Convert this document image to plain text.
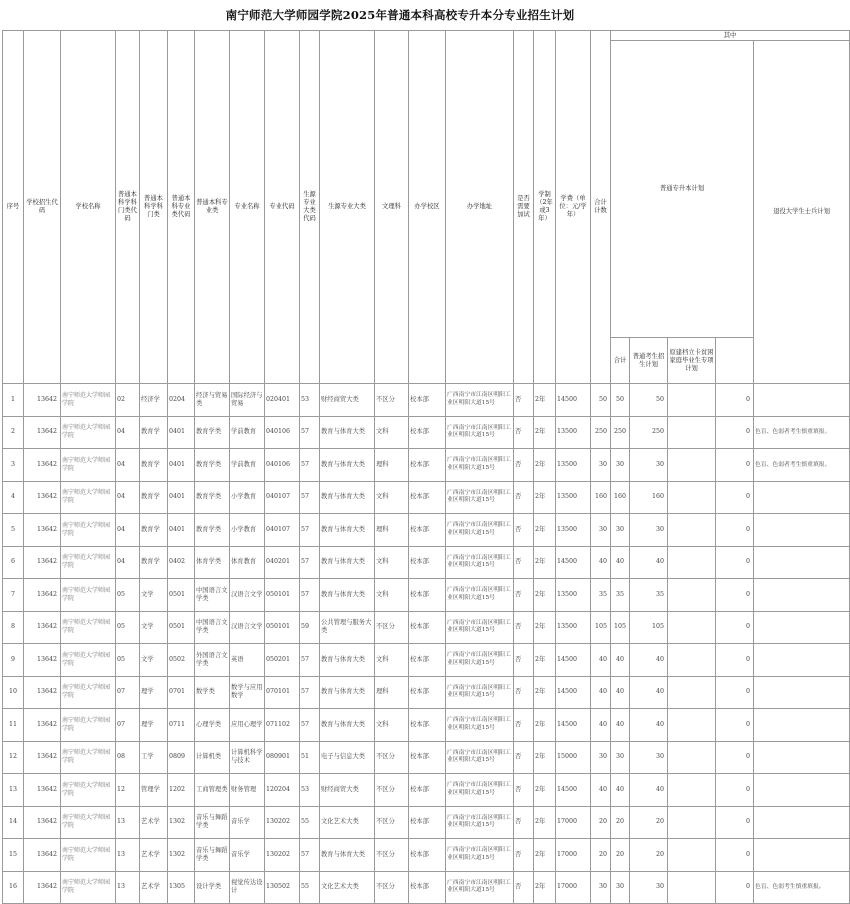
南宁师范大学师园学院2025年普通本科高校专升本分专业招生计划
序号	学校招生代码	学校名称	普通本科学科门类代码	普通本科学科门类	普通本科专业类代码	普通本科专业类	专业名称	专业代码	生源专业大类代码	生源专业大类	文理科	办学校区	办学地址	是否需要加试	学制（2年或3年）	学费（单位：元/学年）	合计计数	其中	
																		普通专升本计划				退役大学生士兵计划	
																		合计	普通考生招生计划	原建档立卡贫困家庭毕业生专项计划			
1	13642	南宁师范大学师园学院	02	经济学	0204	经济与贸易类	国际经济与贸易	020401	53	财经商贸大类	不区分	校本部	广西南宁市江南区明阳工业区明阳大道15号	否	2年	14500	50	50	50		0		
2	13642	南宁师范大学师园学院	04	教育学	0401	教育学类	学前教育	040106	57	教育与体育大类	文科	校本部	广西南宁市江南区明阳工业区明阳大道15号	否	2年	13500	250	250	250		0	色盲、色弱者考生慎重填报。	
3	13642	南宁师范大学师园学院	04	教育学	0401	教育学类	学前教育	040106	57	教育与体育大类	理科	校本部	广西南宁市江南区明阳工业区明阳大道15号	否	2年	13500	30	30	30		0	色盲、色弱者考生慎重填报。	
4	13642	南宁师范大学师园学院	04	教育学	0401	教育学类	小学教育	040107	57	教育与体育大类	文科	校本部	广西南宁市江南区明阳工业区明阳大道15号	否	2年	13500	160	160	160		0		
5	13642	南宁师范大学师园学院	04	教育学	0401	教育学类	小学教育	040107	57	教育与体育大类	理科	校本部	广西南宁市江南区明阳工业区明阳大道15号	否	2年	13500	30	30	30		0		
6	13642	南宁师范大学师园学院	04	教育学	0402	体育学类	体育教育	040201	57	教育与体育大类	文科	校本部	广西南宁市江南区明阳工业区明阳大道15号	否	2年	14500	40	40	40		0		
7	13642	南宁师范大学师园学院	05	文学	0501	中国语言文学类	汉语言文学	050101	57	教育与体育大类	文科	校本部	广西南宁市江南区明阳工业区明阳大道15号	否	2年	13500	35	35	35		0		
8	13642	南宁师范大学师园学院	05	文学	0501	中国语言文学类	汉语言文学	050101	59	公共管理与服务大类	不区分	校本部	广西南宁市江南区明阳工业区明阳大道15号	否	2年	13500	105	105	105		0		
9	13642	南宁师范大学师园学院	05	文学	0502	外国语言文学类	英语	050201	57	教育与体育大类	文科	校本部	广西南宁市江南区明阳工业区明阳大道15号	否	2年	14500	40	40	40		0		
10	13642	南宁师范大学师园学院	07	理学	0701	数学类	数学与应用数学	070101	57	教育与体育大类	理科	校本部	广西南宁市江南区明阳工业区明阳大道15号	否	2年	14500	40	40	40		0		
11	13642	南宁师范大学师园学院	07	理学	0711	心理学类	应用心理学	071102	57	教育与体育大类	文科	校本部	广西南宁市江南区明阳工业区明阳大道15号	否	2年	14500	40	40	40		0		
12	13642	南宁师范大学师园学院	08	工学	0809	计算机类	计算机科学与技术	080901	51	电子与信息大类	不区分	校本部	广西南宁市江南区明阳工业区明阳大道15号	否	2年	15000	30	30	30		0		
13	13642	南宁师范大学师园学院	12	管理学	1202	工商管理类	财务管理	120204	53	财经商贸大类	不区分	校本部	广西南宁市江南区明阳工业区明阳大道15号	否	2年	14500	40	40	40		0		
14	13642	南宁师范大学师园学院	13	艺术学	1302	音乐与舞蹈学类	音乐学	130202	55	文化艺术大类	不区分	校本部	广西南宁市江南区明阳工业区明阳大道15号	否	2年	17000	20	20	20		0		
15	13642	南宁师范大学师园学院	13	艺术学	1302	音乐与舞蹈学类	音乐学	130202	57	教育与体育大类	不区分	校本部	广西南宁市江南区明阳工业区明阳大道15号	否	2年	17000	20	20	20		0		
16	13642	南宁师范大学师园学院	13	艺术学	1305	设计学类	视觉传达设计	130502	55	文化艺术大类	不区分	校本部	广西南宁市江南区明阳工业区明阳大道15号	否	2年	17000	30	30	30		0	色盲、色弱考生慎重填报。	
